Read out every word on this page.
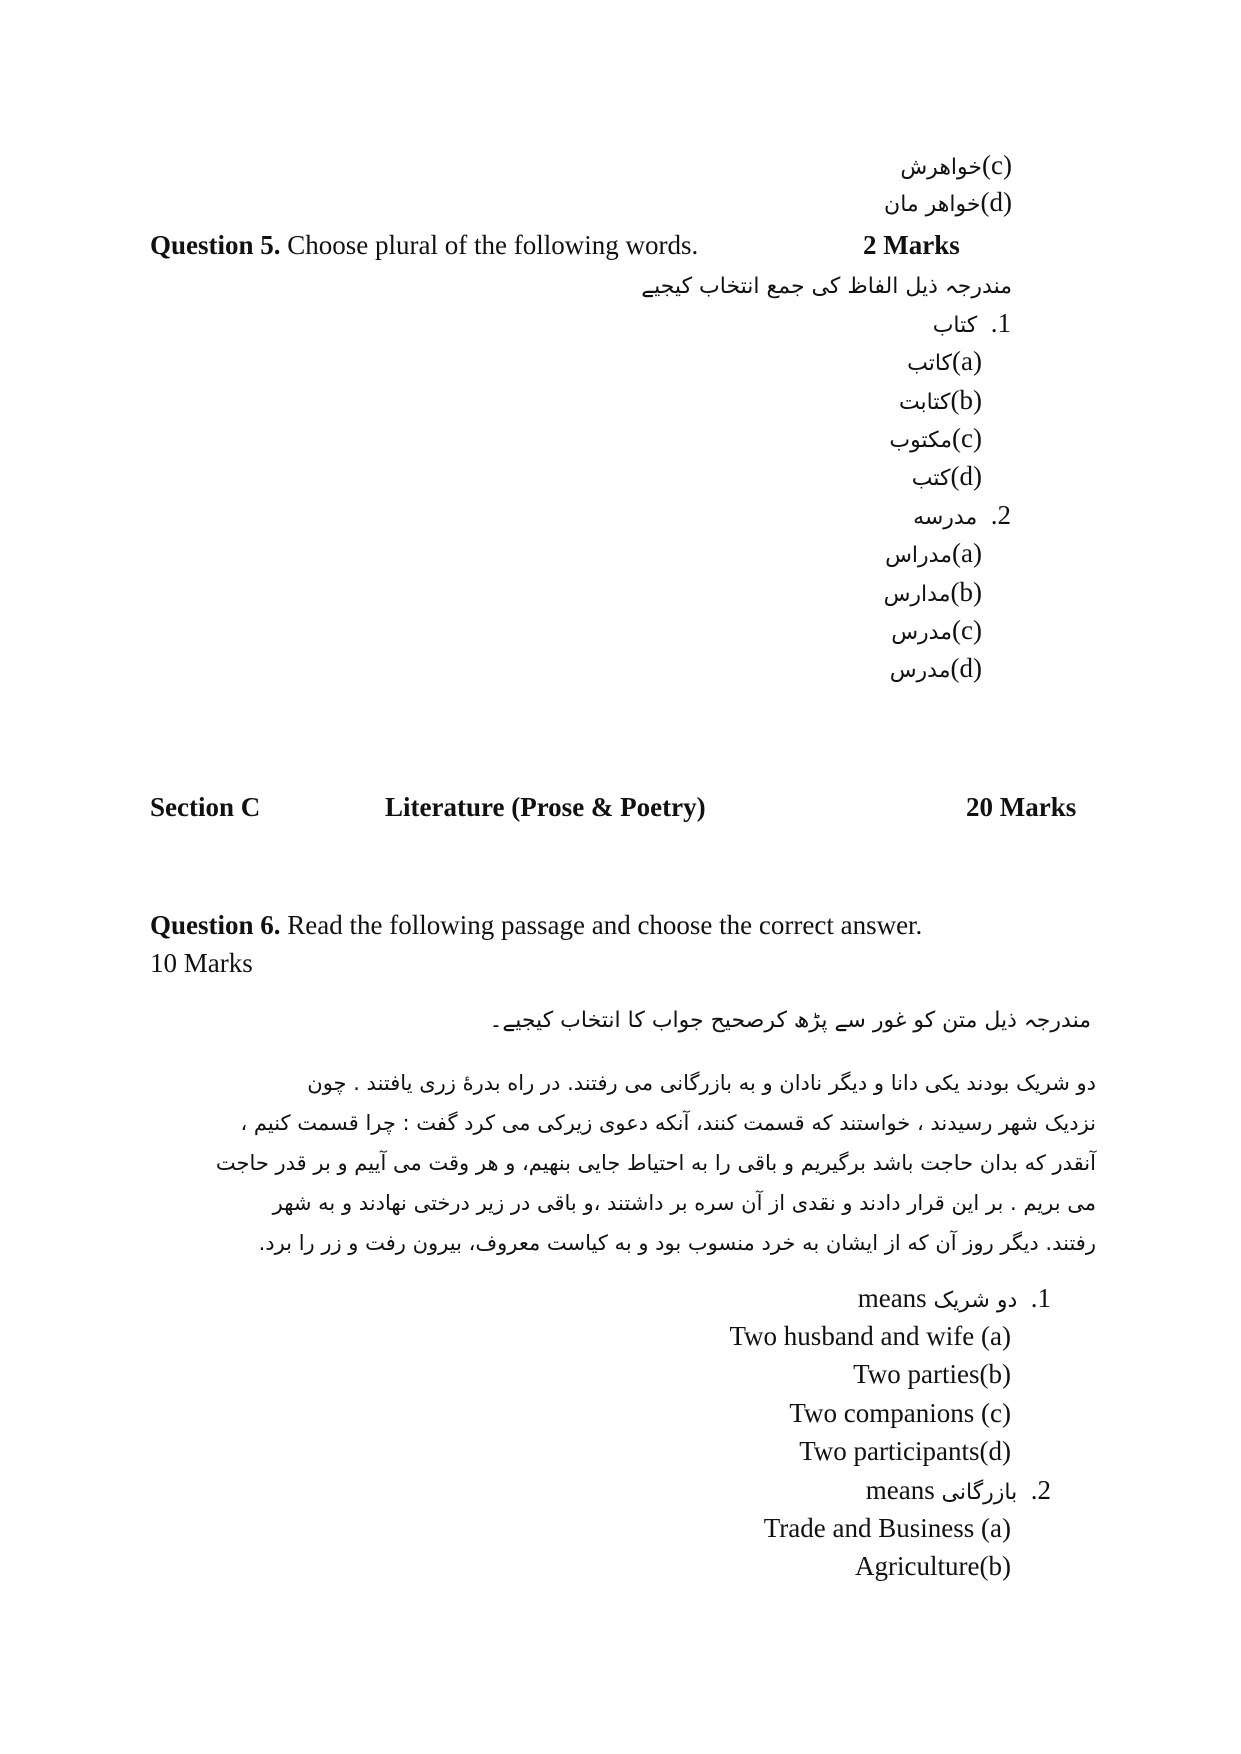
(c)خواهرش
(d)خواهر مان
Question 5. Choose plural of the following words.	2 Marks
مندرجہ ذیل الفاظ کی جمع انتخاب کیجیے
1.  کتاب
(a)کاتب
(b)کتابت
(c)مکتوب
(d)کتب
2.  مدرسه
(a)مدراس
(b)مدارس
(c)مدرس
(d)مدرس
Section C	Literature (Prose & Poetry)	20 Marks
Question 6. Read the following passage and choose the correct answer.
10 Marks
مندرجہ ذیل متن کو غور سے پڑھ کرصحیح جواب کا انتخاب کیجیے۔
دو شریک بودند یکی دانا و دیگر نادان و به بازرگانی می رفتند. در راه بدرهٔ زری یافتند . چون
نزدیک شهر رسیدند ، خواستند که قسمت کنند، آنکه دعوی زیرکی می کرد گفت : چرا قسمت کنیم ،
آنقدر که بدان حاجت باشد برگیریم و باقی را به احتیاط جایی بنهیم، و هر وقت می آییم و بر قدر حاجت
می بریم . بر این قرار دادند و نقدی از آن سره بر داشتند ،و باقی در زیر درختی نهادند و به شهر
رفتند. دیگر روز آن که از ایشان به خرد منسوب بود و به کیاست معروف، بیرون رفت و زر را برد.
1.  دو شریک means
(a) Two husband and wife
(b)Two parties
(c) Two companions
(d)Two participants
2.  بازرگانی means
(a) Trade and Business
(b)Agriculture
